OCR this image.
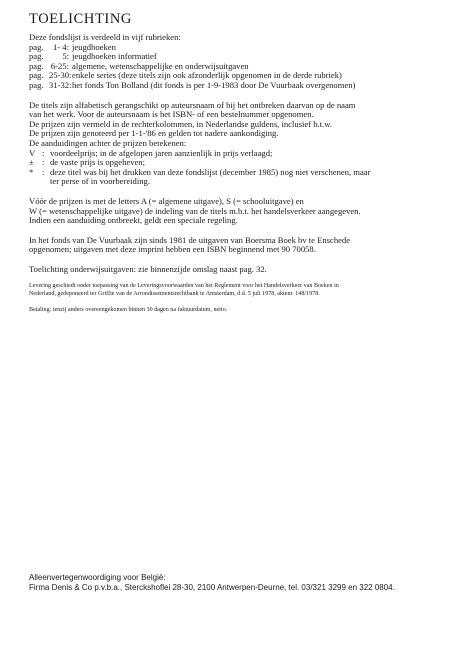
TOELICHTING
Deze fondslijst is verdeeld in vijf rubrieken:
pag.	1- 4: jeugdboeken
pag.	5: jeugdboeken informatief
pag. 6-25: algemene, wetenschappelijke en onderwijsuitgaven
pag. 25-30: enkele series (deze titels zijn ook afzonderlijk opgenomen in de derde rubriek)
pag. 31-32: het fonds Ton Bolland (dit fonds is per 1-9-1983 door De Vuurbaak overgenomen)
De titels zijn alfabetisch gerangschikt op auteursnaam of bij het ontbreken daarvan op de naam
van het werk. Voor de auteursnaam is het ISBN- of een bestelnummer opgenomen.
De prijzen zijn vermeld in de rechterkolommen, in Nederlandse guldens, inclusief b.t.w.
De prijzen zijn genoteerd per 1-1-'86 en gelden tot nadere aankondiging.
De aanduidingen achter de prijzen betekenen:
V : voordeelprijs; in de afgelopen jaren aanzienlijk in prijs verlaagd;
± : de vaste prijs is opgeheven;
*	: deze titel was bij het drukken van deze fondslijst (december 1985) nog niet verschenen, maar
ter perse of in voorbereiding.
Vóór de prijzen is met de letters A (= algemene uitgave), S (= schooluitgave) en
W (= wetenschappelijke uitgave) de indeling van de titels m.b.t. het handelsverkeer aangegeven.
Indien een aanduiding ontbreekt, geldt een speciale regeling.
In het fonds van De Vuurbaak zijn sinds 1981 de uitgaven van Boersma Boek bv te Enschede
opgenomen; uitgaven met deze imprint hebben een ISBN beginnend met 90 70058.
Toelichting onderwijsuitgaven: zie binnenzijde omslag naast pag. 32.
Levering geschiedt onder toepassing van de Leveringsvoorwaarden van het Reglement voor het Handelsverkeer van Boeken in
Nederland, gedeponeerd ter Griffie van de Arrondissementsrechtbank te Amsterdam, d.d. 5 juli 1978, aktenr. 148/1978.
Betaling: tenzij anders overeengekomen binnen 30 dagen na faktuurdatum, netto.
Alleenvertegenwoordiging voor België:
Firma Denis & Co p.v.b.a., Sterckshoflei 28-30, 2100 Antwerpen-Deurne, tel. 03/321 3299 en 322 0804.
